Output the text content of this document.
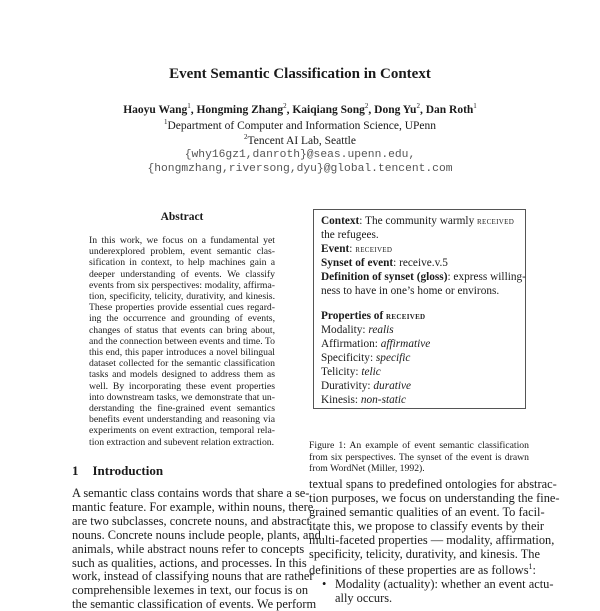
Event Semantic Classification in Context
Haoyu Wang$^1$, Hongming Zhang$^2$, Kaiqiang Song$^2$, Dong Yu$^2$, Dan Roth$^1$
$^1$Department of Computer and Information Science, UPenn
$^2$Tencent AI Lab, Seattle
{why16gz1,danroth}@seas.upenn.edu,
{hongmzhang,riversong,dyu}@global.tencent.com
Abstract
In this work, we focus on a fundamental yet
underexplored problem, event semantic clas-
sification in context, to help machines gain a
deeper understanding of events. We classify
events from six perspectives: modality, affirma-
tion, specificity, telicity, durativity, and kinesis.
These properties provide essential cues regard-
ing the occurrence and grounding of events,
changes of status that events can bring about,
and the connection between events and time. To
this end, this paper introduces a novel bilingual
dataset collected for the semantic classification
tasks and models designed to address them as
well. By incorporating these event properties
into downstream tasks, we demonstrate that un-
derstanding the fine-grained event semantics
benefits event understanding and reasoning via
experiments on event extraction, temporal rela-
tion extraction and subevent relation extraction.
1 Introduction
A semantic class contains words that share a se-
mantic feature. For example, within nouns, there
are two subclasses, concrete nouns, and abstract
nouns. Concrete nouns include people, plants, and
animals, while abstract nouns refer to concepts
such as qualities, actions, and processes. In this
work, instead of classifying nouns that are rather
comprehensible lexemes in text, our focus is on
the semantic classification of events. We perform
Context: The community warmly received
the refugees.
Event: received
Synset of event: receive.v.5
Definition of synset (gloss): express willing-
ness to have in one’s home or environs.
Properties of received
Modality: realis
Affirmation: affirmative
Specificity: specific
Telicity: telic
Durativity: durative
Kinesis: non-static
Figure 1: An example of event semantic classification
from six perspectives. The synset of the event is drawn
from WordNet (Miller, 1992).
textual spans to predefined ontologies for abstrac-
tion purposes, we focus on understanding the fine-
grained semantic qualities of an event. To facil-
itate this, we propose to classify events by their
multi-faceted properties — modality, affirmation,
specificity, telicity, durativity, and kinesis. The
definitions of these properties are as follows$^1$:
• Modality (actuality): whether an event actu-
ally occurs.
